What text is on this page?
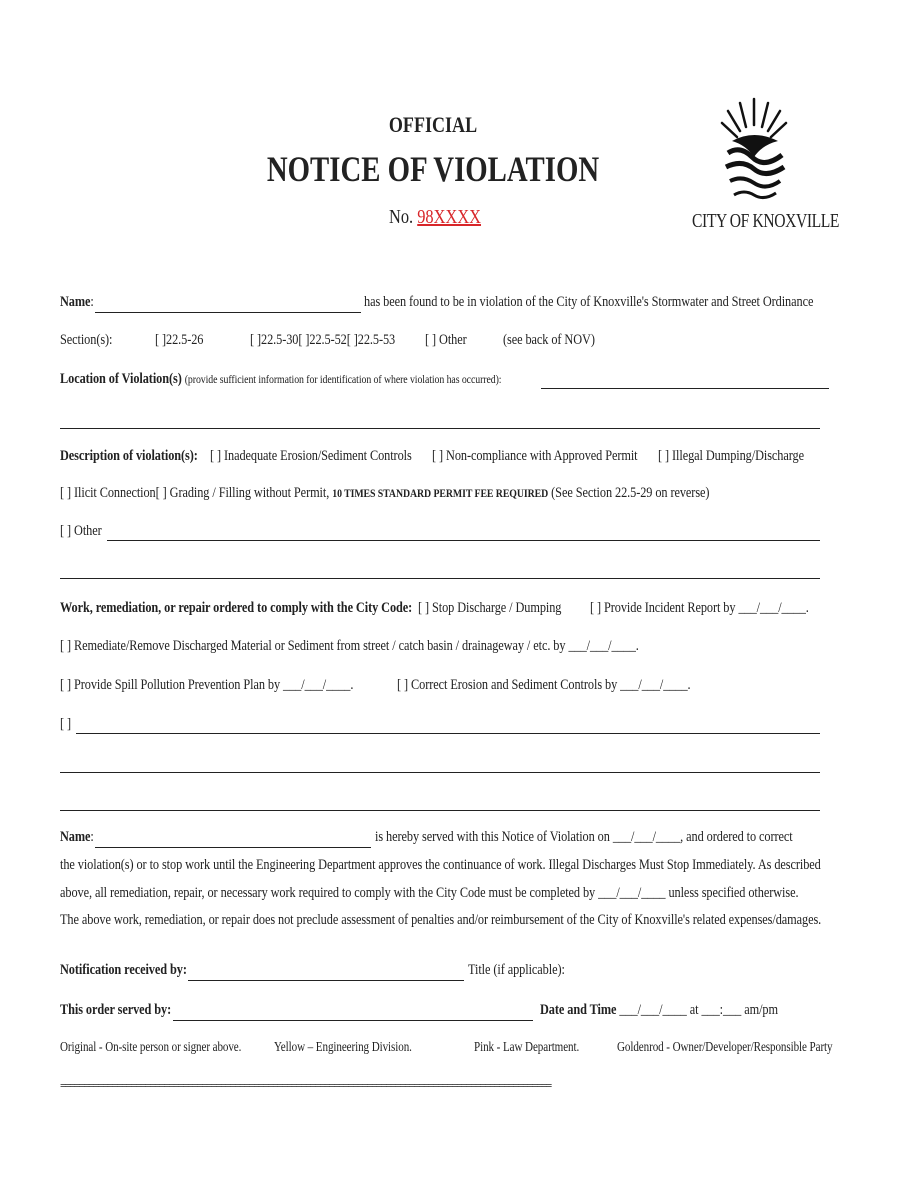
OFFICIAL
NOTICE OF VIOLATION
No. 98XXXX	CITY OF KNOXVILLE
Name:	has been found to be in violation of the City of Knoxville's Stormwater and Street Ordinance
Section(s):	[ ]22.5-26	[ ]22.5-30[ ]22.5-52[ ]22.5-53 [ ] Other (see back of NOV)
Location of Violation(s) (provide sufficient information for identification of where violation has occurred):
Description of violation(s): [ ] Inadequate Erosion/Sediment Controls [ ] Non-compliance with Approved Permit [ ] Illegal Dumping/Discharge
[ ] Ilicit Connection[ ] Grading / Filling without Permit, 10 TIMES STANDARD PERMIT FEE REQUIRED (See Section 22.5-29 on reverse)
[ ] Other
Work, remediation, or repair ordered to comply with the City Code: [ ] Stop Discharge / Dumping [ ] Provide Incident Report by ___/___/____.
[ ] Remediate/Remove Discharged Material or Sediment from street / catch basin / drainageway / etc. by ___/___/____.
[ ] Provide Spill Pollution Prevention Plan by ___/___/____.	[ ] Correct Erosion and Sediment Controls by ___/___/____.
[ ]
Name:	is hereby served with this Notice of Violation on ___/___/____, and ordered to correct
the violation(s) or to stop work until the Engineering Department approves the continuance of work. Illegal Discharges Must Stop Immediately. As described
above, all remediation, repair, or necessary work required to comply with the City Code must be completed by ___/___/____ unless specified otherwise.
The above work, remediation, or repair does not preclude assessment of penalties and/or reimbursement of the City of Knoxville's related expenses/damages.
Notification received by:	Title (if applicable):
This order served by:	Date and Time ___/___/____ at ___:___ am/pm
Original - On-site person or signer above. Yellow – Engineering Division.	Pink - Law Department.	Goldenrod - Owner/Developer/Responsible Party
========================================================================================================
